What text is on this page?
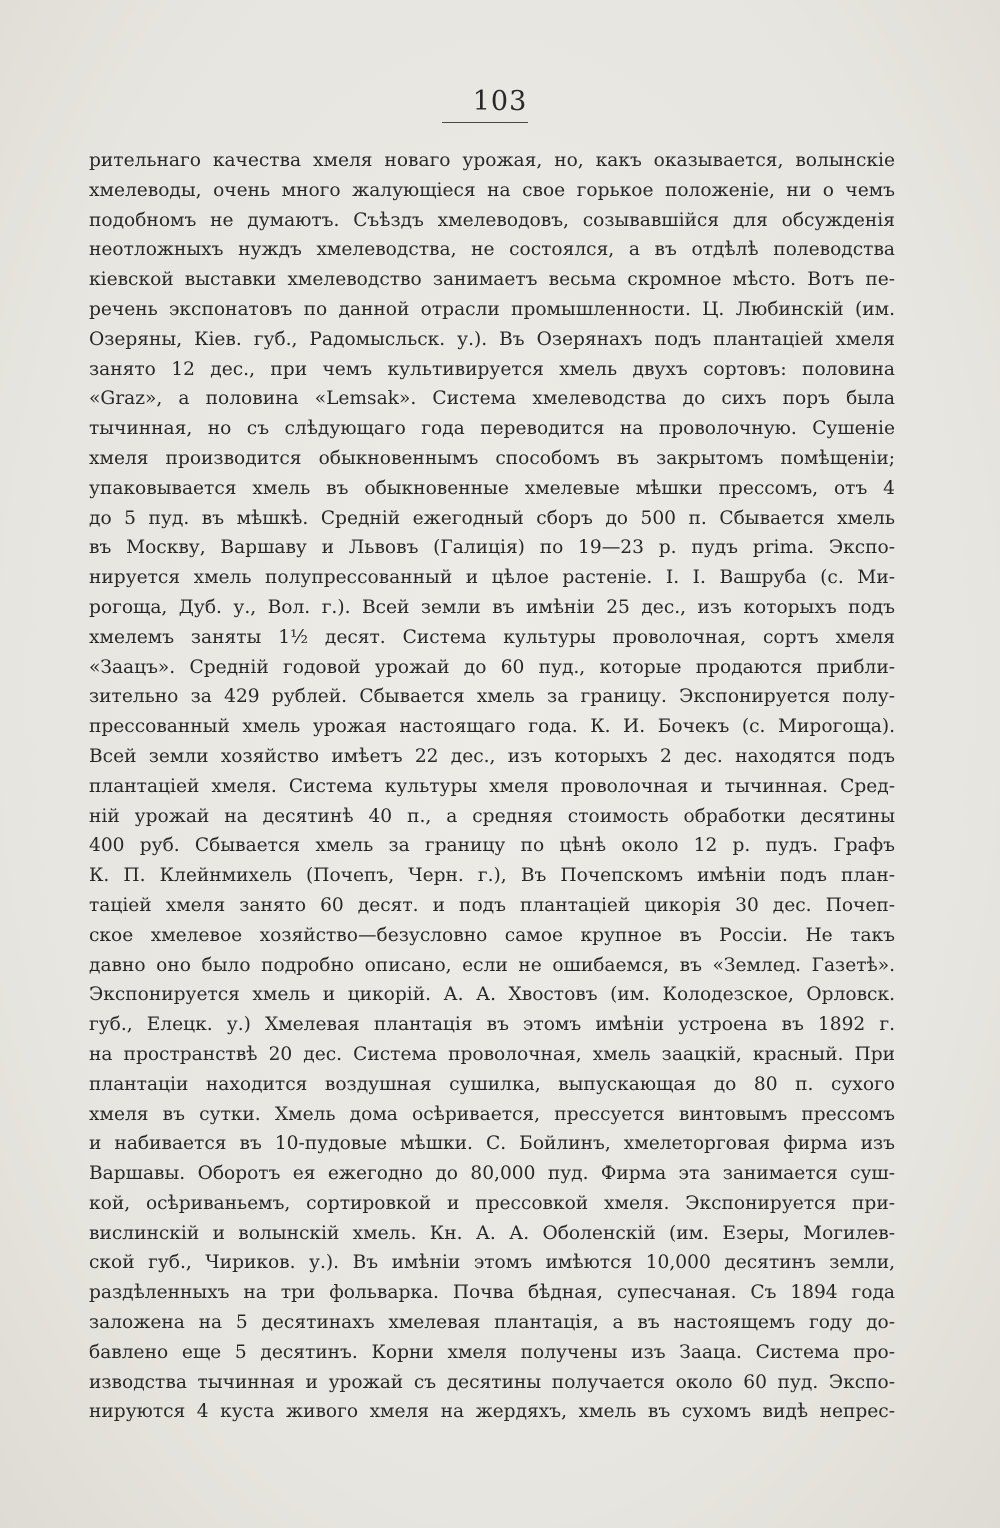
103
рительнаго качества хмеля новаго урожая, но, какъ оказывается, волынскіе
хмелеводы, очень много жалующіеся на свое горькое положеніе, ни о чемъ
подобномъ не думаютъ. Съѣздъ хмелеводовъ, созывавшійся для обсужденія
неотложныхъ нуждъ хмелеводства, не состоялся, а въ отдѣлѣ полеводства
кіевской выставки хмелеводство занимаетъ весьма скромное мѣсто. Вотъ пе-
речень экспонатовъ по данной отрасли промышленности. Ц. Любинскій (им.
Озеряны, Кiев. губ., Радомысльск. у.). Въ Озерянахъ подъ плантаціей хмеля
занято 12 дес., при чемъ культивируется хмель двухъ сортовъ: половина
«Graz», а половина «Lemsak». Система хмелеводства до сихъ поръ была
тычинная, но съ слѣдующаго года переводится на проволочную. Сушеніе
хмеля производится обыкновеннымъ способомъ въ закрытомъ помѣщеніи;
упаковывается хмель въ обыкновенные хмелевые мѣшки прессомъ, отъ 4
до 5 пуд. въ мѣшкѣ. Средній ежегодный сборъ до 500 п. Сбывается хмель
въ Москву, Варшаву и Львовъ (Галиція) по 19—23 р. пудъ prima. Экспо-
нируется хмель полупрессованный и цѣлое растеніе. І. І. Вашруба (с. Ми-
рогоща, Дуб. у., Вол. г.). Всей земли въ имѣніи 25 дес., изъ которыхъ подъ
хмелемъ заняты 1½ десят. Система культуры проволочная, сортъ хмеля
«Заацъ». Средній годовой урожай до 60 пуд., которые продаются прибли-
зительно за 429 рублей. Сбывается хмель за границу. Экспонируется полу-
прессованный хмель урожая настоящаго года. К. И. Бочекъ (с. Мирогоща).
Всей земли хозяйство имѣетъ 22 дес., изъ которыхъ 2 дес. находятся подъ
плантаціей хмеля. Система культуры хмеля проволочная и тычинная. Сред-
ній урожай на десятинѣ 40 п., а средняя стоимость обработки десятины
400 руб. Сбывается хмель за границу по цѣнѣ около 12 р. пудъ. Графъ
К. П. Клейнмихель (Почепъ, Черн. г.), Въ Почепскомъ имѣніи подъ план-
таціей хмеля занято 60 десят. и подъ плантаціей цикорія 30 дес. Почеп-
ское хмелевое хозяйство—безусловно самое крупное въ Россіи. Не такъ
давно оно было подробно описано, если не ошибаемся, въ «Землед. Газетѣ».
Экспонируется хмель и цикорій. А. А. Хвостовъ (им. Колодезское, Орловск.
губ., Елецк. у.) Хмелевая плантація въ этомъ имѣніи устроена въ 1892 г.
на пространствѣ 20 дес. Система проволочная, хмель заацкій, красный. При
плантаціи находится воздушная сушилка, выпускающая до 80 п. сухого
хмеля въ сутки. Хмель дома осѣривается, прессуется винтовымъ прессомъ
и набивается въ 10-пудовые мѣшки. С. Бойлинъ, хмелеторговая фирма изъ
Варшавы. Оборотъ ея ежегодно до 80,000 пуд. Фирма эта занимается суш-
кой, осѣриваньемъ, сортировкой и прессовкой хмеля. Экспонируется при-
вислинскій и волынскій хмель. Кн. А. А. Оболенскій (им. Езеры, Могилев-
ской губ., Чириков. у.). Въ имѣніи этомъ имѣются 10,000 десятинъ земли,
раздѣленныхъ на три фольварка. Почва бѣдная, супесчаная. Съ 1894 года
заложена на 5 десятинахъ хмелевая плантація, а въ настоящемъ году до-
бавлено еще 5 десятинъ. Корни хмеля получены изъ Зааца. Система про-
изводства тычинная и урожай съ десятины получается около 60 пуд. Экспо-
нируются 4 куста живого хмеля на жердяхъ, хмель въ сухомъ видѣ непрес-
